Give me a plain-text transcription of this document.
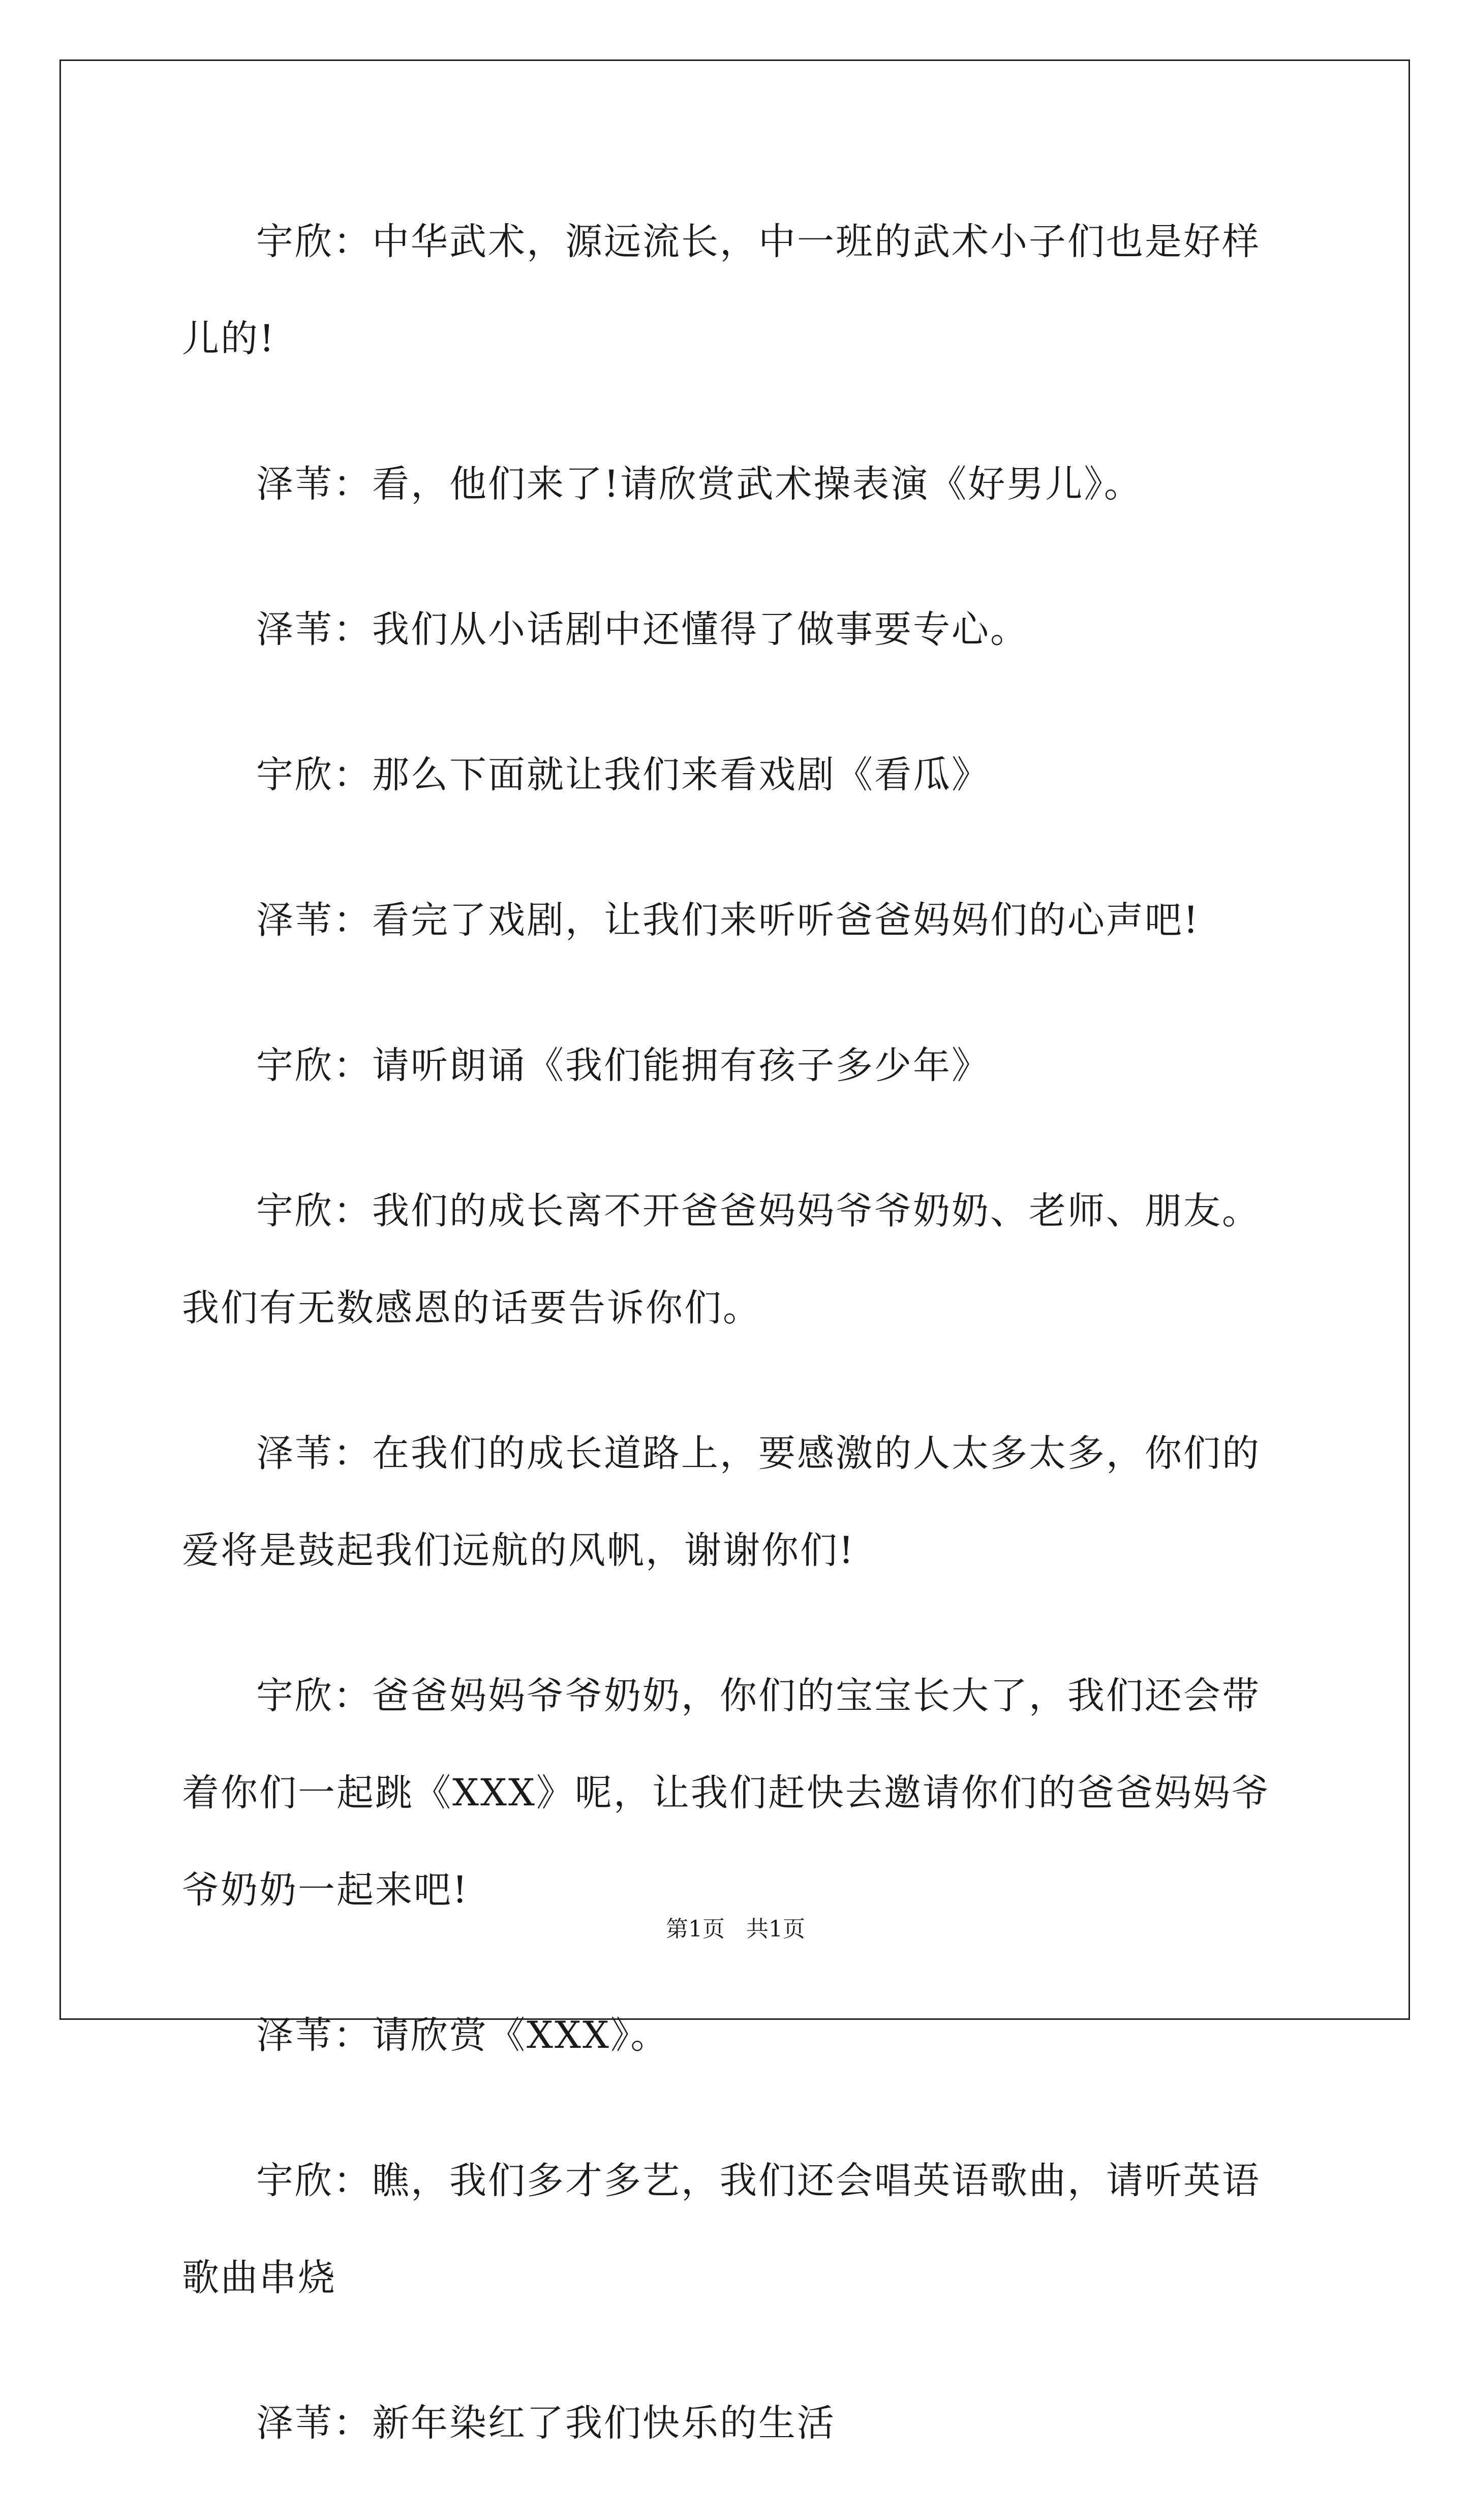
宇欣：中华武术，源远流长，中一班的武术小子们也是好样儿的!

泽苇：看，他们来了!请欣赏武术操表演《好男儿》。

泽苇：我们从小话剧中还懂得了做事要专心。

宇欣：那么下面就让我们来看戏剧《看瓜》

泽苇：看完了戏剧，让我们来听听爸爸妈妈们的心声吧!

宇欣：请听朗诵《我们能拥有孩子多少年》

宇欣：我们的成长离不开爸爸妈妈爷爷奶奶、老师、朋友。我们有无数感恩的话要告诉你们。

泽苇：在我们的成长道路上，要感激的人太多太多，你们的爱将是鼓起我们远航的风帆，谢谢你们!

宇欣：爸爸妈妈爷爷奶奶，你们的宝宝长大了，我们还会带着你们一起跳《XXX》呢，让我们赶快去邀请你们的爸爸妈妈爷爷奶奶一起来吧!

泽苇：请欣赏《XXX》。

宇欣：瞧，我们多才多艺，我们还会唱英语歌曲，请听英语歌曲串烧

泽苇：新年染红了我们快乐的生活

第1页 共1页
